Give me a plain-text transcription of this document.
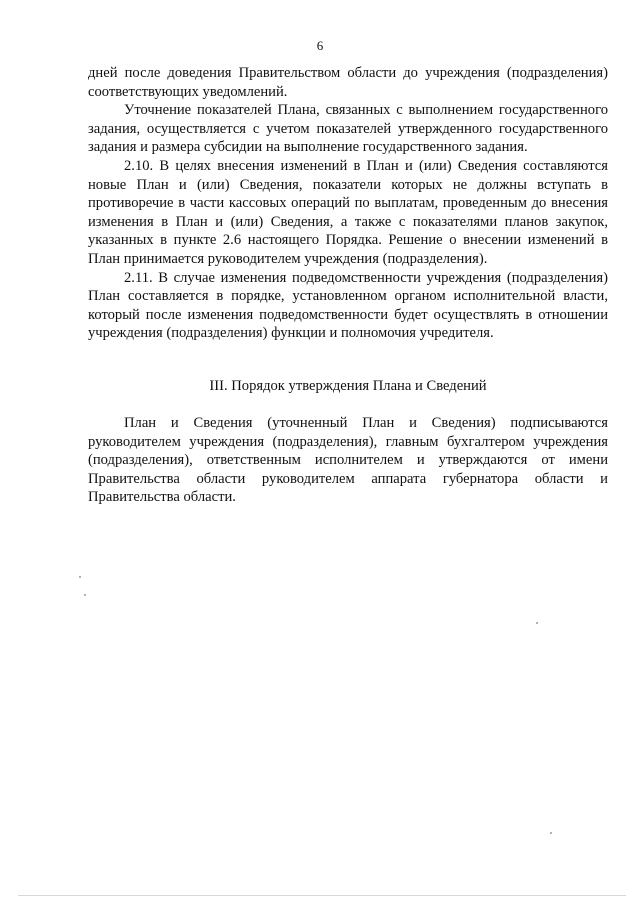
6

дней после доведения Правительством области до учреждения (подразделения) соответствующих уведомлений.

Уточнение показателей Плана, связанных с выполнением государственного задания, осуществляется с учетом показателей утвержденного государственного задания и размера субсидии на выполнение государственного задания.

2.10. В целях внесения изменений в План и (или) Сведения составляются новые План и (или) Сведения, показатели которых не должны вступать в противоречие в части кассовых операций по выплатам, проведенным до внесения изменения в План и (или) Сведения, а также с показателями планов закупок, указанных в пункте 2.6 настоящего Порядка. Решение о внесении изменений в План принимается руководителем учреждения (подразделения).

2.11. В случае изменения подведомственности учреждения (подразделения) План составляется в порядке, установленном органом исполнительной власти, который после изменения подведомственности будет осуществлять в отношении учреждения (подразделения) функции и полномочия учредителя.

III. Порядок утверждения Плана и Сведений

План и Сведения (уточненный План и Сведения) подписываются руководителем учреждения (подразделения), главным бухгалтером учреждения (подразделения), ответственным исполнителем и утверждаются от имени Правительства области руководителем аппарата губернатора области и Правительства области.
